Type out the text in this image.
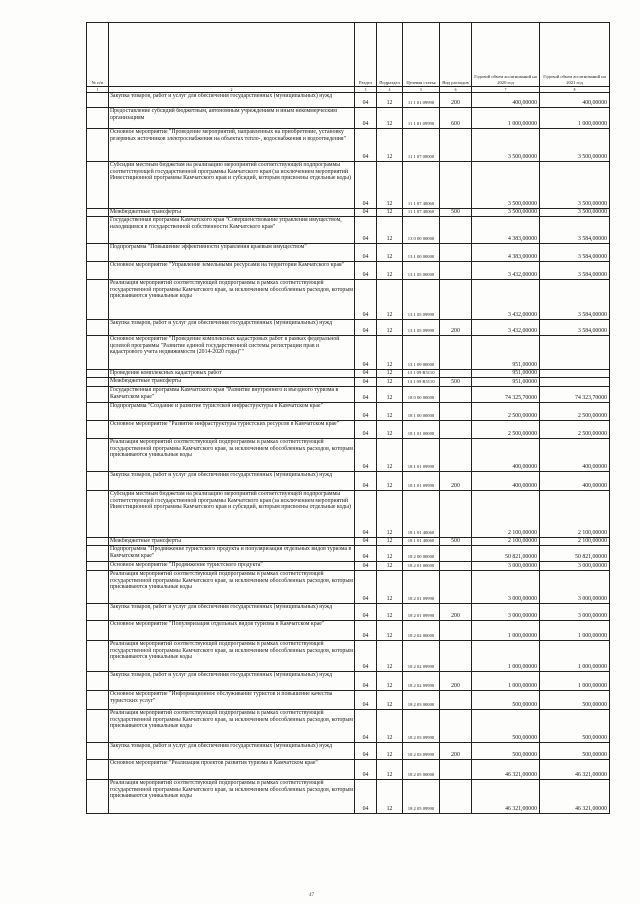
№ п/п		Раздел	Подраздел	Целевая статья	Вид расходов	Годовой объем ассигнований на 2020 год	Годовой объем ассигнований на 2021 год
1	2	3	4	5	6	7	8
	Закупка товаров, работ и услуг для обеспечения государственных (муниципальных) нужд	04	12	11 1 01 09990	200	400,00000	400,00000
	Предоставление субсидий бюджетным, автономным учреждениям и иным некоммерческим организациям	04	12	11 1 01 09990	600	1 000,00000	1 000,00000
	Основное мероприятие "Проведение мероприятий, направленных на приобретение, установку резервных источников электроснабжения на объектах тепло-, водоснабжения и водоотведения"	04	12	11 1 07 00000		3 500,00000	3 500,00000
	Субсидии местным бюджетам на реализацию мероприятий соответствующей подпрограммы соответствующей государственной программы Камчатского края (за исключением мероприятий Инвестиционной программы Камчатского края и субсидий, которым присвоены отдельные коды)	04	12	11 1 07 40060		3 500,00000	3 500,00000
	Межбюджетные трансферты	04	12	11 1 07 40060	500	3 500,00000	3 500,00000
	Государственная программа Камчатского края "Совершенствование управления имуществом, находящимся в государственной собственности Камчатского края"	04	12	13 0 00 00000		4 383,00000	3 584,00000
	Подпрограмма "Повышение эффективности управления краевым имуществом"	04	12	13 1 00 00000		4 383,00000	3 584,00000
	Основное мероприятие "Управление земельными ресурсами на территории Камчатского края"	04	12	13 1 05 00000		3 432,00000	3 584,00000
	Реализация мероприятий соответствующей подпрограммы в рамках соответствующей государственной программы Камчатского края, за исключением обособленных расходов, которым присваиваются уникальные коды	04	12	13 1 05 09990		3 432,00000	3 584,00000
	Закупка товаров, работ и услуг для обеспечения государственных (муниципальных) нужд	04	12	13 1 05 09990	200	3 432,00000	3 584,00000
	Основное мероприятие "Проведение комплексных кадастровых работ в рамках федеральной целевой программы "Развитие единой государственной системы регистрации прав и кадастрового учета недвижимости (2014-2020 годы)""	04	12	13 1 09 00000		951,00000	
	Проведение комплексных кадастровых работ	04	12	13 1 09 R5110		951,00000	
	Межбюджетные трансферты	04	12	13 1 09 R5110	500	951,00000	
	Государственная программа Камчатского края "Развитие внутреннего и въездного туризма в Камчатском крае"	04	12	18 0 00 00000		74 325,70000	74 323,70000
	Подпрограмма "Создание и развитие туристской инфраструктуры в Камчатском крае"	04	12	18 1 00 00000		2 500,00000	2 500,00000
	Основное мероприятие "Развитие инфраструктуры туристских ресурсов в Камчатском крае"	04	12	18 1 01 00000		2 500,00000	2 500,00000
	Реализация мероприятий соответствующей подпрограммы в рамках соответствующей государственной программы Камчатского края, за исключением обособленных расходов, которым присваиваются уникальные коды	04	12	18 1 01 09990		400,00000	400,00000
	Закупка товаров, работ и услуг для обеспечения государственных (муниципальных) нужд	04	12	18 1 01 09990	200	400,00000	400,00000
	Субсидии местным бюджетам на реализацию мероприятий соответствующей подпрограммы соответствующей государственной программы Камчатского края (за исключением мероприятий Инвестиционной программы Камчатского края и субсидий, которым присвоены отдельные коды)	04	12	18 1 01 40060		2 100,00000	2 100,00000
	Межбюджетные трансферты	04	12	18 1 01 40060	500	2 100,00000	2 100,00000
	Подпрограмма "Продвижение туристского продукта и популяризация отдельных видов туризма в Камчатском крае"	04	12	18 2 00 00000		50 821,00000	50 821,00000
	Основное мероприятие "Продвижение туристского продукта"	04	12	18 2 01 00000		3 000,00000	3 000,00000
	Реализация мероприятий соответствующей подпрограммы в рамках соответствующей государственной программы Камчатского края, за исключением обособленных расходов, которым присваиваются уникальные коды	04	12	18 2 01 09990		3 000,00000	3 000,00000
	Закупка товаров, работ и услуг для обеспечения государственных (муниципальных) нужд	04	12	18 2 01 09990	200	3 000,00000	3 000,00000
	Основное мероприятие "Популяризация отдельных видов туризма в Камчатском крае"	04	12	18 2 02 00000		1 000,00000	1 000,00000
	Реализация мероприятий соответствующей подпрограммы в рамках соответствующей государственной программы Камчатского края, за исключением обособленных расходов, которым присваиваются уникальные коды	04	12	18 2 02 09990		1 000,00000	1 000,00000
	Закупка товаров, работ и услуг для обеспечения государственных (муниципальных) нужд	04	12	18 2 02 09990	200	1 000,00000	1 000,00000
	Основное мероприятие "Информационное обслуживание туристов и повышение качества туристских услуг"	04	12	18 2 03 00000		500,00000	500,00000
	Реализация мероприятий соответствующей подпрограммы в рамках соответствующей государственной программы Камчатского края, за исключением обособленных расходов, которым присваиваются уникальные коды	04	12	18 2 03 09990		500,00000	500,00000
	Закупка товаров, работ и услуг для обеспечения государственных (муниципальных) нужд	04	12	18 2 03 09990	200	500,00000	500,00000
	Основное мероприятие "Реализация проектов развития туризма в Камчатском крае"	04	12	18 2 05 00000		46 321,00000	46 321,00000
	Реализация мероприятий соответствующей подпрограммы в рамках соответствующей государственной программы Камчатского края, за исключением обособленных расходов, которым присваиваются уникальные коды	04	12	18 2 05 09990		46 321,00000	46 321,00000
47
